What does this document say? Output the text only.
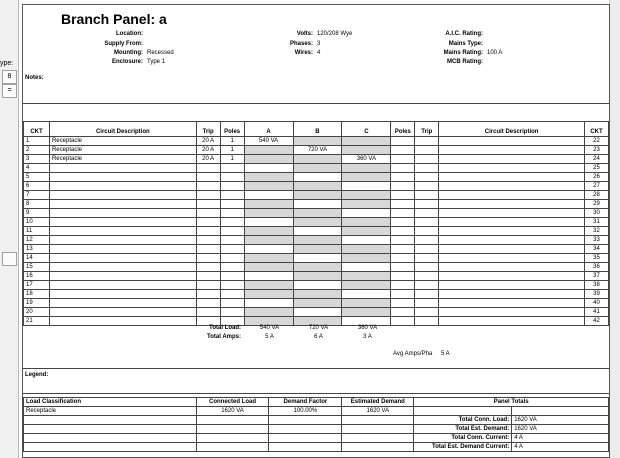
ype:
8
=
Branch Panel: a
Location:
Supply From:
Mounting: Recessed
Enclosure: Type 1
Volts: 120/208 Wye
Phases: 3
Wires: 4
A.I.C. Rating:
Mains Type:
Mains Rating: 100 A
MCB Rating:
Notes:
CKT	Circuit Description	Trip	Poles	A	B	C	Poles	Trip	Circuit Description	CKT
1	Receptacle	20 A	1	540 VA						22
2	Receptacle	20 A	1		720 VA					23
3	Receptacle	20 A	1			360 VA				24
4										25
5										26
6										27
7										28
8										29
9										30
10										31
11										32
12										33
13										34
14										35
15										36
16										37
17										38
18										39
19										40
20										41
21										42
Total Load:	540 VA	720 VA	360 VA
Total Amps:	5 A	6 A	3 A
Avg Amps/Pha 5 A
Legend:
Load Classification	Connected Load	Demand Factor	Estimated Demand	Panel Totals	
Receptacle	1620 VA	100.00%	1620 VA		
				Total Conn. Load:	1620 VA
				Total Est. Demand:	1620 VA
				Total Conn. Current:	4 A
				Total Est. Demand Current:	4 A
